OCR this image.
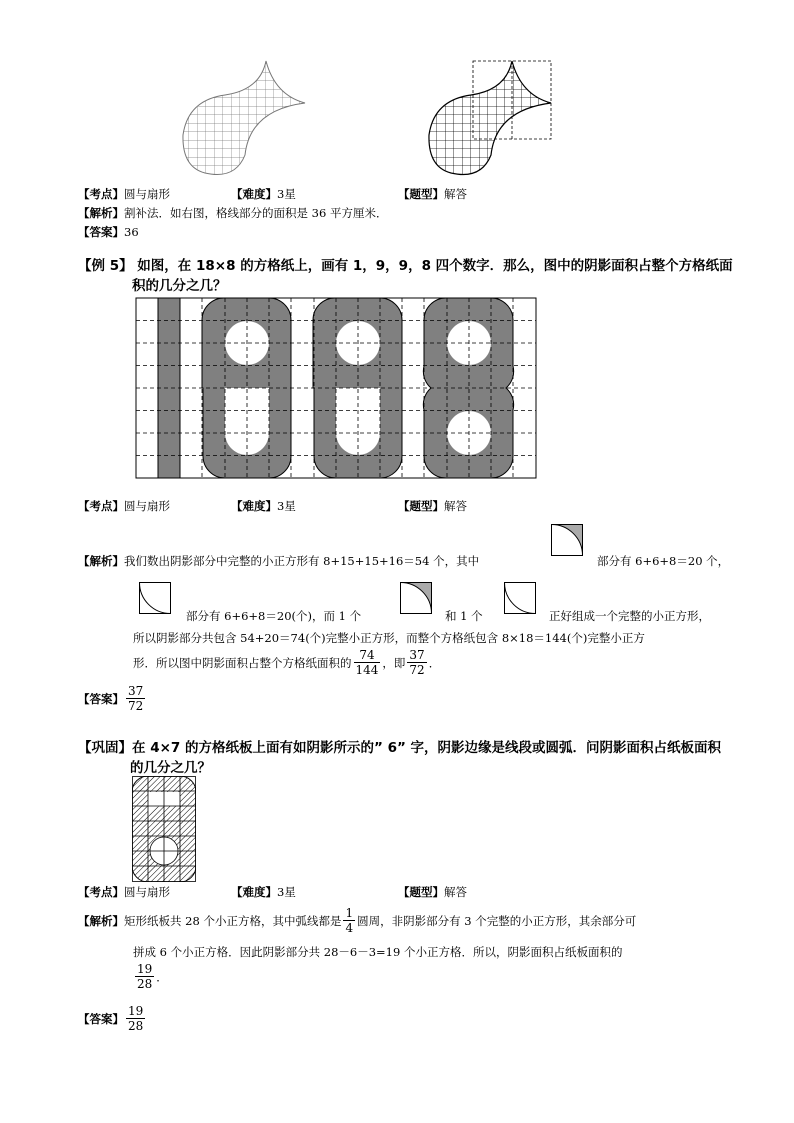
【考点】圆与扇形	【难度】3星	【题型】解答
【解析】割补法．如右图，格线部分的面积是 36 平方厘米．
【答案】36
【例 5】 如图，在 18×8 的方格纸上，画有 1，9，9，8 四个数字．那么，图中的阴影面积占整个方格纸面
积的几分之几？
【考点】圆与扇形	【难度】3星	【题型】解答
【解析】我们数出阴影部分中完整的小正方形有 8+15+15+16＝54 个，其中	部分有 6+6+8＝20 个，
部分有 6+6+8＝20(个)，而 1 个	和 1 个	正好组成一个完整的小正方形，
所以阴影部分共包含 54+20＝74(个)完整小正方形，而整个方格纸包含 8×18＝144(个)完整小正方
形．所以图中阴影面积占整个方格纸面积的 $\frac{74}{144}$ ，即 $\frac{37}{72}$ ．
【答案】 $\frac{37}{72}$
【巩固】在 4×7 的方格纸板上面有如阴影所示的” 6” 字，阴影边缘是线段或圆弧．问阴影面积占纸板面积
的几分之几？
【考点】圆与扇形	【难度】3星	【题型】解答
【解析】 矩形纸板共 28 个小正方格，其中弧线都是 $\frac{1}{4}$ 圆周，非阴影部分有 3 个完整的小正方形，其余部分可
拼成 6 个小正方格．因此阴影部分共 28－6－3=19 个小正方格．所以，阴影面积占纸板面积的
$\frac{19}{28}$ ．
【答案】 $\frac{19}{28}$
